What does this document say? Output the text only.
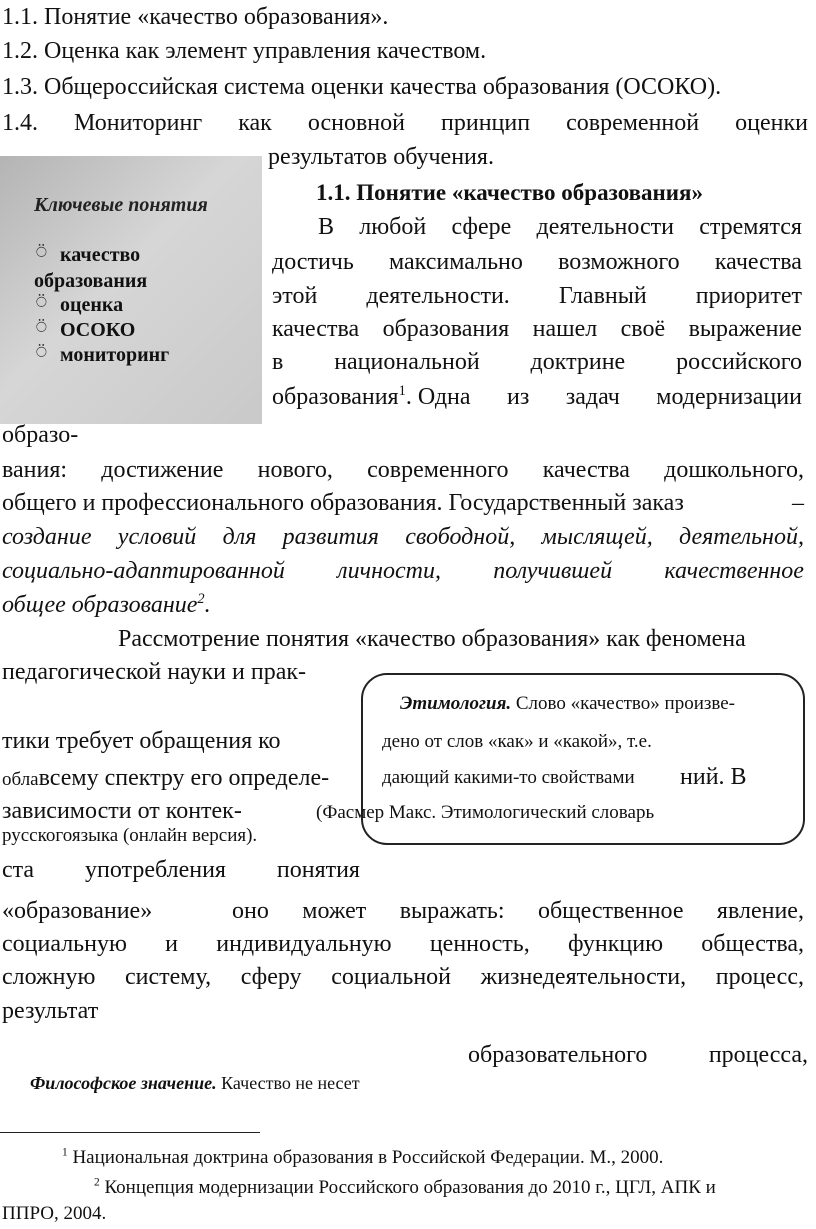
1.1. Понятие «качество образования».
1.2. Оценка как элемент управления качеством.
1.3. Общероссийская система оценки качества образования (ОСОКО).
1.4. Мониторинг как основной принцип современной оценки
результатов обучения.
Ключевые понятия
⍥ качество
образования
⍥ оценка
⍥ ОСОКО
⍥ мониторинг
1.1. Понятие «качество образования»
В любой сфере деятельности стремятся
достичь максимально возможного качества
этой деятельности. Главный приоритет
качества образования нашел своё выражение
в национальной доктрине российского
образования$^1$. Одна из задач модернизации
образо-
вания: достижение нового, современного качества дошкольного,
общего и профессионального образования. Государственный заказ	–
создание условий для развития свободной, мыслящей, деятельной,
социально-адаптированной личности, получившей качественное
общее образование$^2$.
Рассмотрение понятия «качество образования» как феномена
педагогической науки и прак-
Этимология. Слово «качество» произве-
дено от слов «как» и «какой», т.е.
дающий какими-то свойствами
(Фасмер Макс. Этимологический словарь
тики требует обращения ко
облавсему спектру его определе-	ний. В
зависимости от контек-
русскогоязыка (онлайн версия).
ста употребления понятия
«образование»	оно может выражать: общественное явление,
социальную и индивидуальную ценность, функцию общества,
сложную систему, сферу социальной жизнедеятельности, процесс,
результат
образовательного	процесса,
Философское значение. Качество не несет
$^1$ Национальная доктрина образования в Российской Федерации. М., 2000.
$^2$ Концепция модернизации Российского образования до 2010 г., ЦГЛ, АПК и
ППРО, 2004.
